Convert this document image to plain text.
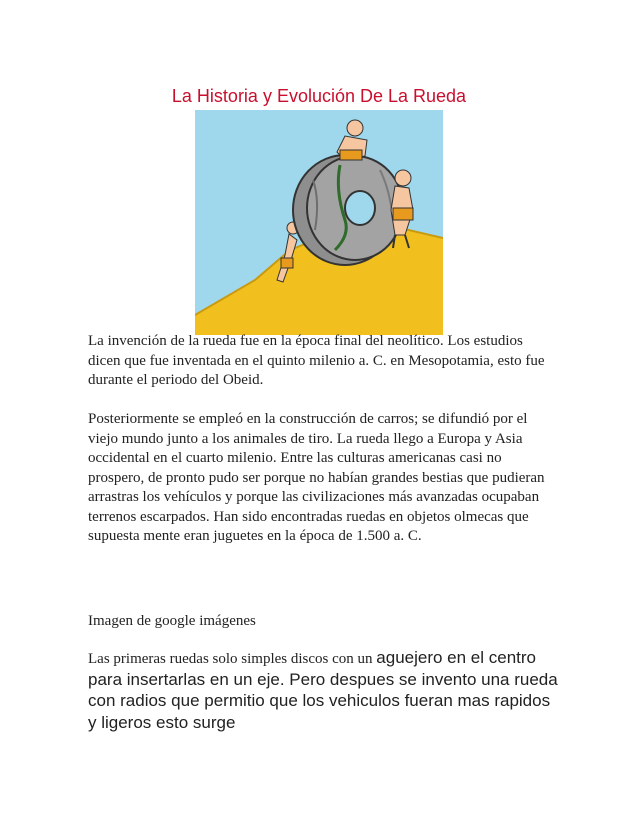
La Historia y Evolución De La Rueda

La invención de la rueda fue en la época final del neolítico. Los estudios dicen que fue inventada en el quinto milenio a. C. en Mesopotamia, esto fue durante el periodo del Obeid.

Posteriormente se empleó en la construcción de carros; se difundió por el viejo mundo junto a los animales de tiro. La rueda llego a Europa y Asia occidental en el cuarto milenio. Entre las culturas americanas casi no prospero, de pronto pudo ser porque no habían grandes bestias que pudieran arrastras los vehículos y porque las civilizaciones más avanzadas ocupaban terrenos escarpados. Han sido encontradas ruedas en objetos olmecas que supuesta mente eran juguetes en la época de 1.500 a. C.

Imagen de google imágenes

Las primeras ruedas solo simples discos con un aguejero en el centro para insertarlas en un eje. Pero despues se invento una rueda con radios que permitio que los vehiculos fueran mas rapidos y ligeros esto surge
